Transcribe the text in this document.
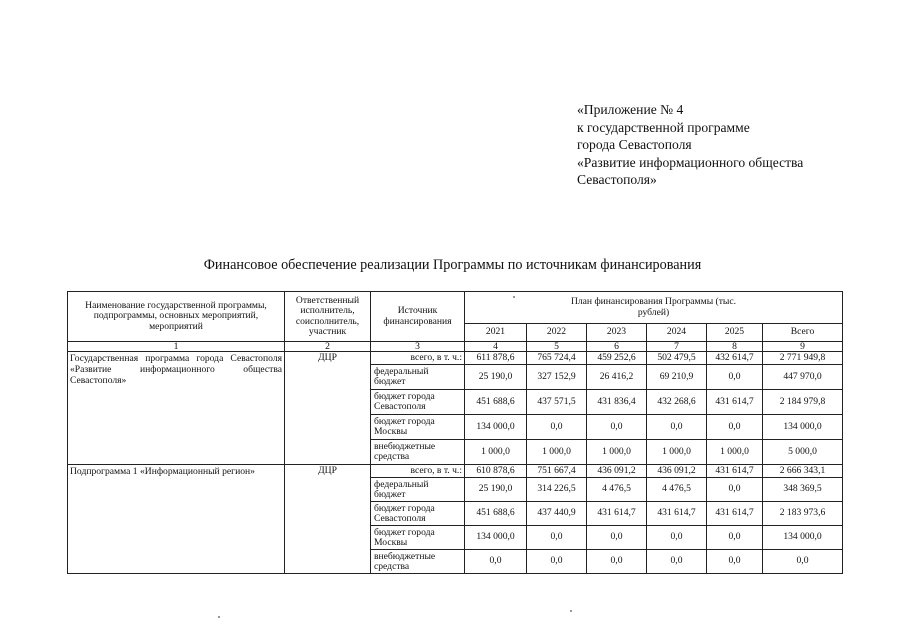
«Приложение № 4
к государственной программе
города Севастополя
«Развитие информационного общества
Севастополя»
Финансовое обеспечение реализации Программы по источникам финансирования
Наименование государственной программы, подпрограммы, основных мероприятий, мероприятий	Ответственный исполнитель, соисполнитель, участник	Источник финансирования	План финансирования Программы (тыс. рублей)					
			2021	2022	2023	2024	2025	Всего
1	2	3	4	5	6	7	8	9
Государственная программа города Севастополя «Развитие информационного общества Севастополя»	ДЦР	всего, в т. ч.:	611 878,6	765 724,4	459 252,6	502 479,5	432 614,7	2 771 949,8
		федеральный бюджет	25 190,0	327 152,9	26 416,2	69 210,9	0,0	447 970,0
		бюджет города Севастополя	451 688,6	437 571,5	431 836,4	432 268,6	431 614,7	2 184 979,8
		бюджет города Москвы	134 000,0	0,0	0,0	0,0	0,0	134 000,0
		внебюджетные средства	1 000,0	1 000,0	1 000,0	1 000,0	1 000,0	5 000,0
Подпрограмма 1 «Информационный регион»	ДЦР	всего, в т. ч.:	610 878,6	751 667,4	436 091,2	436 091,2	431 614,7	2 666 343,1
		федеральный бюджет	25 190,0	314 226,5	4 476,5	4 476,5	0,0	348 369,5
		бюджет города Севастополя	451 688,6	437 440,9	431 614,7	431 614,7	431 614,7	2 183 973,6
		бюджет города Москвы	134 000,0	0,0	0,0	0,0	0,0	134 000,0
		внебюджетные средства	0,0	0,0	0,0	0,0	0,0	0,0
